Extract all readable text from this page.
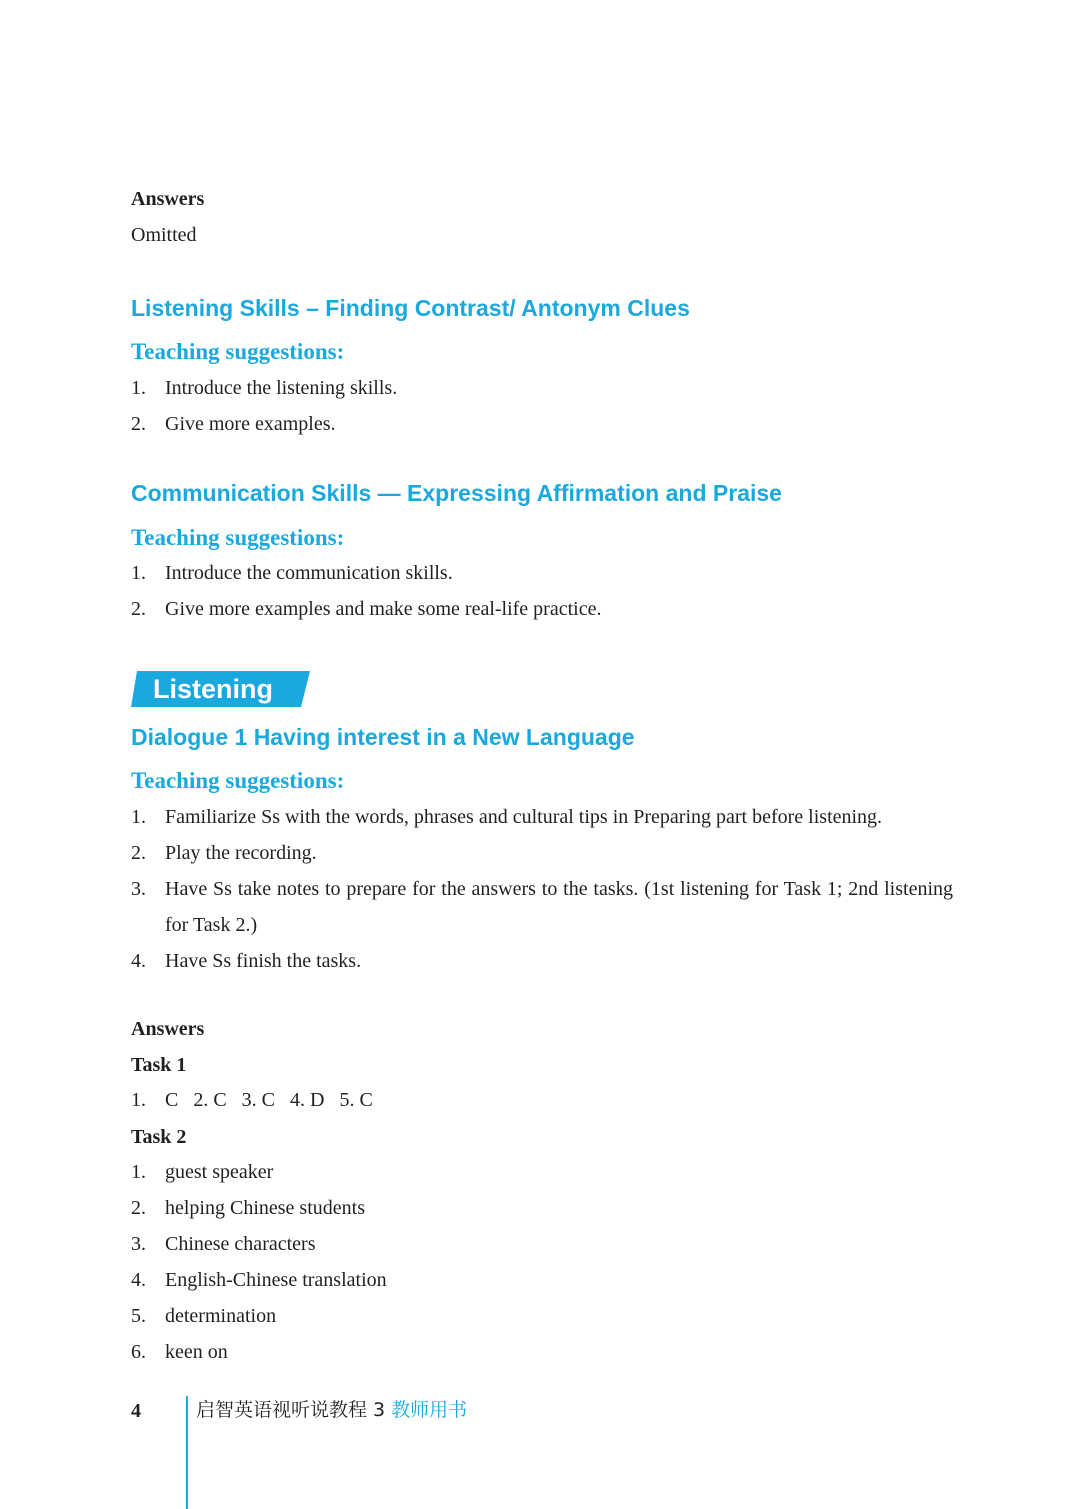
Answers
Omitted
Listening Skills – Finding Contrast/ Antonym Clues
Teaching suggestions:
1. Introduce the listening skills.
2. Give more examples.
Communication Skills — Expressing Affirmation and Praise
Teaching suggestions:
1. Introduce the communication skills.
2. Give more examples and make some real-life practice.
Listening
Dialogue 1 Having interest in a New Language
Teaching suggestions:
1. Familiarize Ss with the words, phrases and cultural tips in Preparing part before listening.
2. Play the recording.
3. Have Ss take notes to prepare for the answers to the tasks. (1st listening for Task 1; 2nd listening for Task 2.)
4. Have Ss finish the tasks.
Answers
Task 1
1. C   2. C   3. C   4. D   5. C
Task 2
1. guest speaker
2. helping Chinese students
3. Chinese characters
4. English-Chinese translation
5. determination
6. keen on
4	启智英语视听说教程 3 教师用书
